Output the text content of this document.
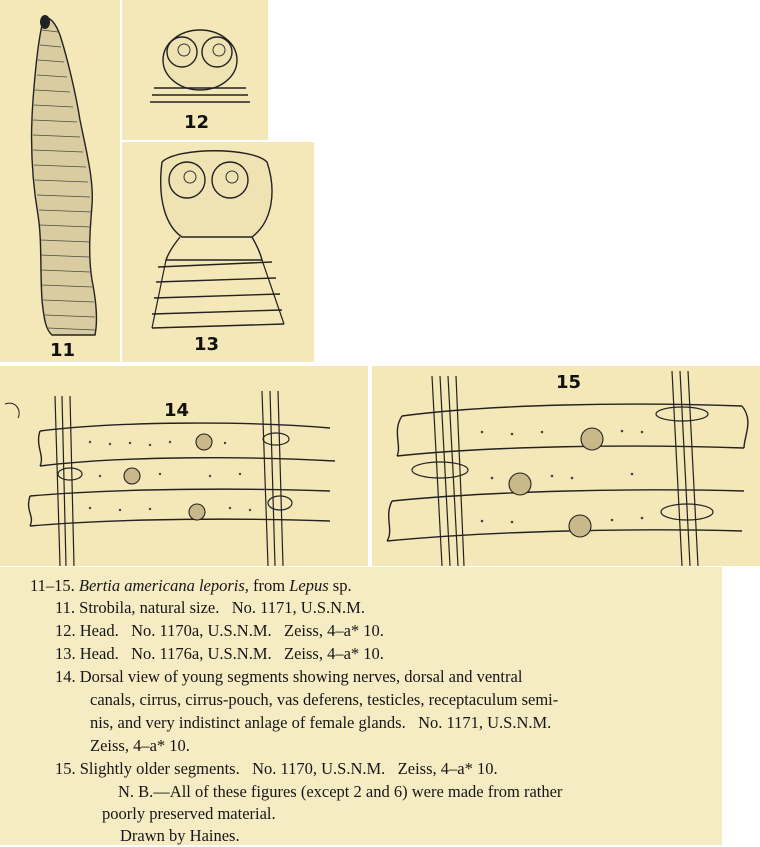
11

12

13

14

15

11–15. Bertia americana leporis, from Lepus sp.

11. Strobila, natural size.   No. 1171, U.S.N.M.

12. Head.   No. 1170a, U.S.N.M.   Zeiss, 4–a* 10.

13. Head.   No. 1176a, U.S.N.M.   Zeiss, 4–a* 10.

14. Dorsal view of young segments showing nerves, dorsal and ventral

canals, cirrus, cirrus-pouch, vas deferens, testicles, receptaculum semi-

nis, and very indistinct anlage of female glands.   No. 1171, U.S.N.M.

Zeiss, 4–a* 10.

15. Slightly older segments.   No. 1170, U.S.N.M.   Zeiss, 4–a* 10.

N. B.—All of these figures (except 2 and 6) were made from rather

poorly preserved material.

Drawn by Haines.
